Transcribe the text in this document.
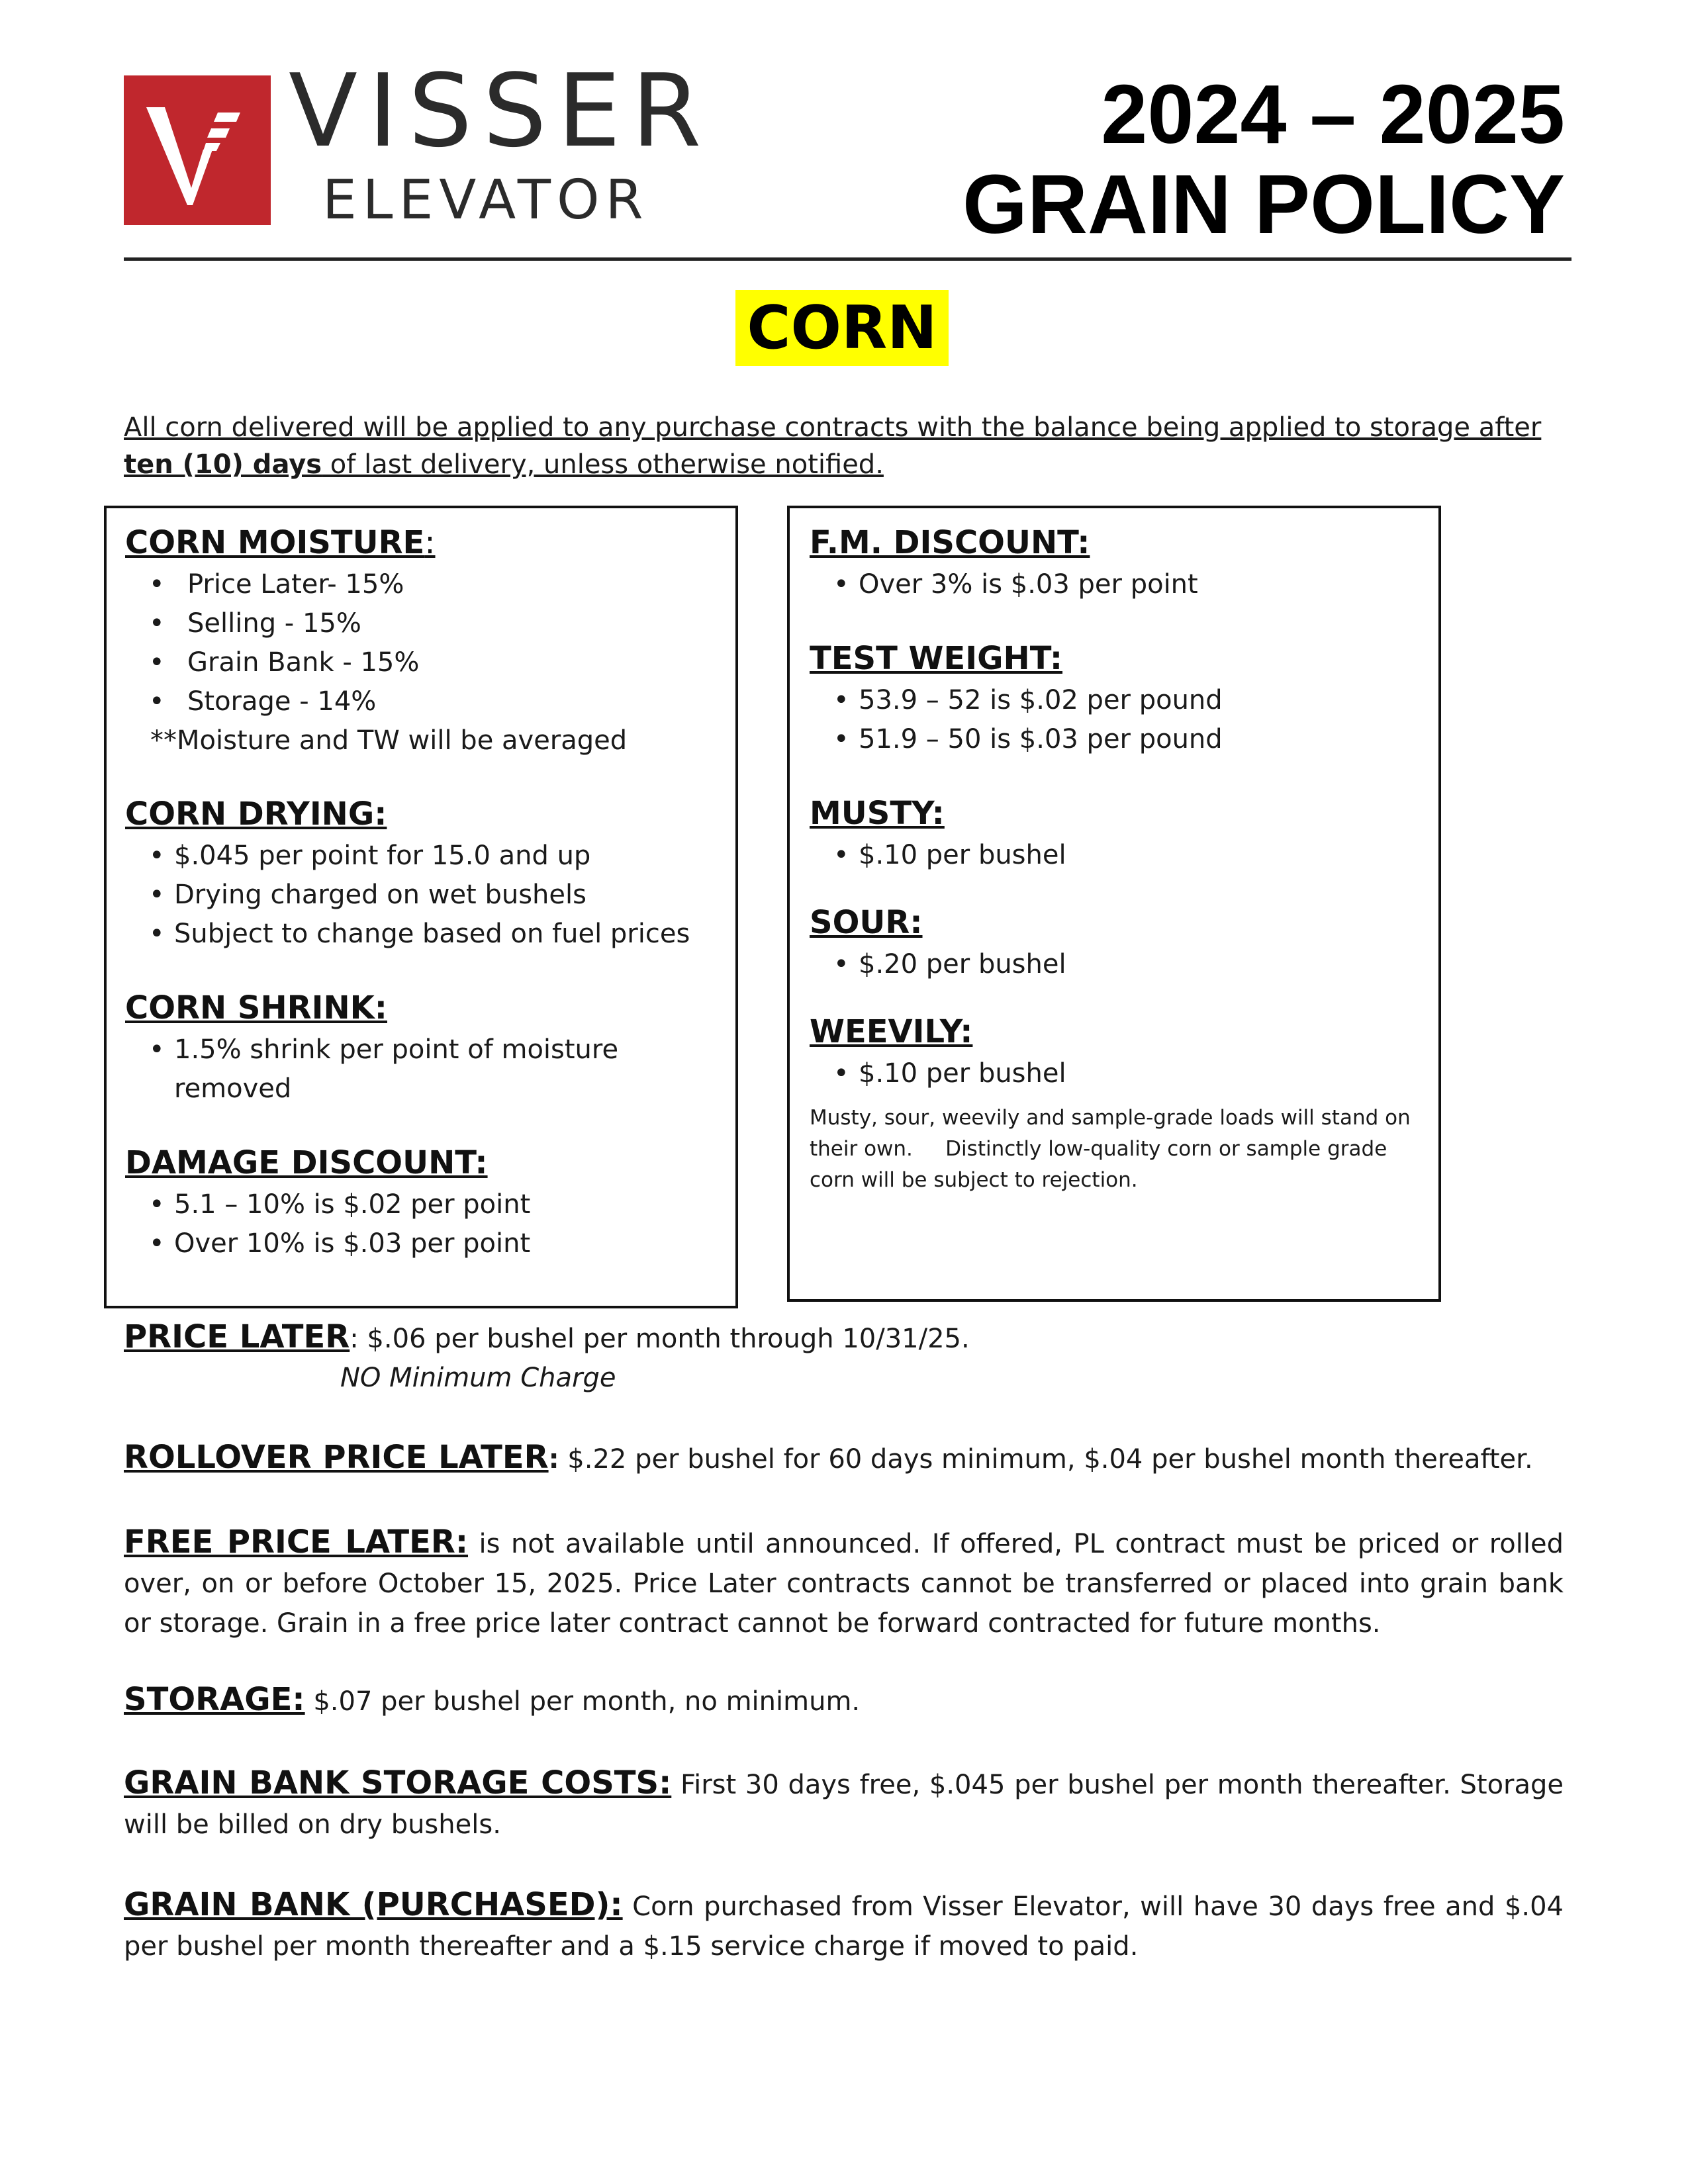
VISSER
ELEVATOR
2024 – 2025
GRAIN POLICY
CORN
All corn delivered will be applied to any purchase contracts with the balance being applied to storage after ten (10) days of last delivery, unless otherwise notified.
CORN MOISTURE:
• Price Later- 15%
• Selling - 15%
• Grain Bank - 15%
• Storage - 14%
**Moisture and TW will be averaged
CORN DRYING:
• $.045 per point for 15.0 and up
• Drying charged on wet bushels
• Subject to change based on fuel prices
CORN SHRINK:
• 1.5% shrink per point of moisture removed
DAMAGE DISCOUNT:
• 5.1 – 10% is $.02 per point
• Over 10% is $.03 per point
F.M. DISCOUNT:
• Over 3% is $.03 per point
TEST WEIGHT:
• 53.9 – 52 is $.02 per pound
• 51.9 – 50 is $.03 per pound
MUSTY:
• $.10 per bushel
SOUR:
• $.20 per bushel
WEEVILY:
• $.10 per bushel
Musty, sour, weevily and sample-grade loads will stand on their own.     Distinctly low-quality corn or sample grade corn will be subject to rejection.
PRICE LATER: $.06 per bushel per month through 10/31/25.
NO Minimum Charge
ROLLOVER PRICE LATER: $.22 per bushel for 60 days minimum, $.04 per bushel month thereafter.
FREE PRICE LATER: is not available until announced. If offered, PL contract must be priced or rolled over, on or before October 15, 2025. Price Later contracts cannot be transferred or placed into grain bank or storage. Grain in a free price later contract cannot be forward contracted for future months.
STORAGE: $.07 per bushel per month, no minimum.
GRAIN BANK STORAGE COSTS: First 30 days free, $.045 per bushel per month thereafter. Storage will be billed on dry bushels.
GRAIN BANK (PURCHASED): Corn purchased from Visser Elevator, will have 30 days free and $.04 per bushel per month thereafter and a $.15 service charge if moved to paid.
